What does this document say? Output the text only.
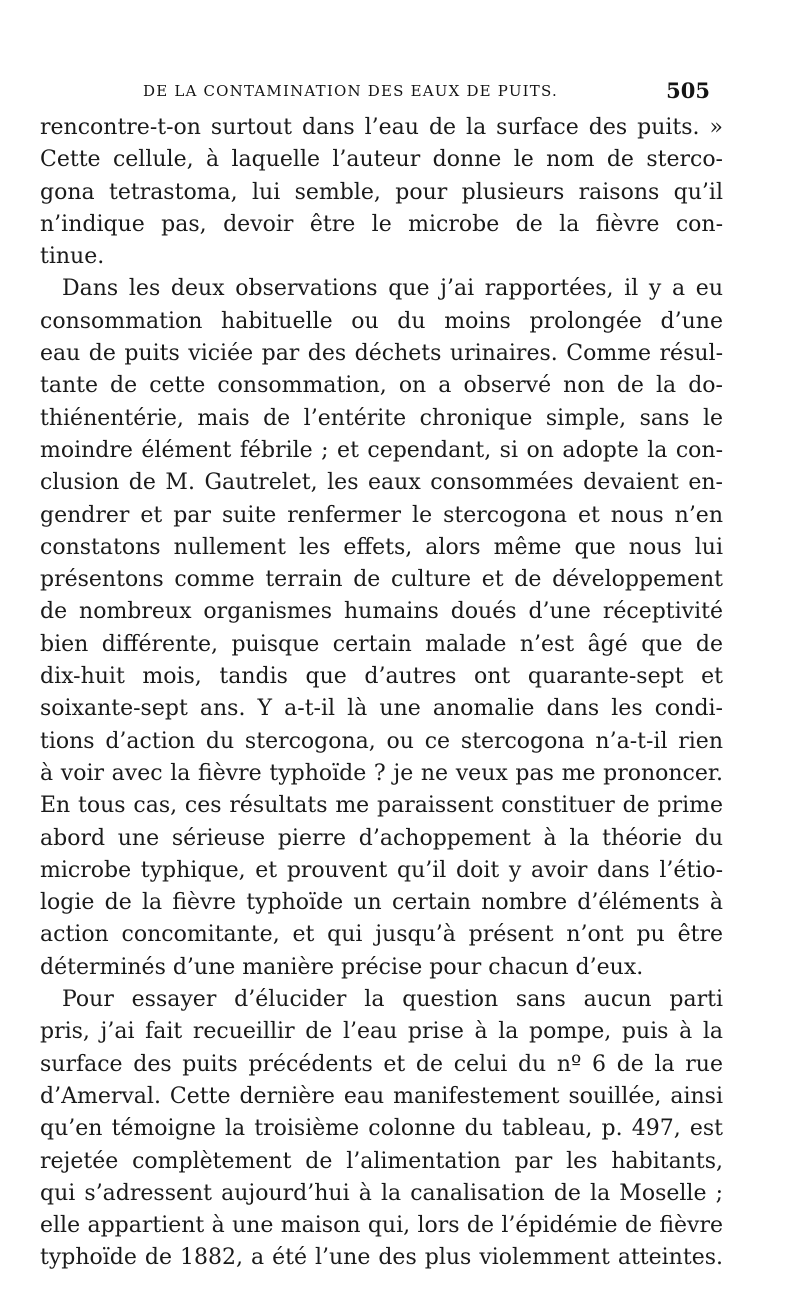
DE LA CONTAMINATION DES EAUX DE PUITS.	505
rencontre-t-on surtout dans l’eau de la surface des puits. »
Cette cellule, à laquelle l’auteur donne le nom de sterco-
gona tetrastoma, lui semble, pour plusieurs raisons qu’il
n’indique pas, devoir être le microbe de la fièvre con-
tinue.
Dans les deux observations que j’ai rapportées, il y a eu
consommation habituelle ou du moins prolongée d’une
eau de puits viciée par des déchets urinaires. Comme résul-
tante de cette consommation, on a observé non de la do-
thiénentérie, mais de l’entérite chronique simple, sans le
moindre élément fébrile ; et cependant, si on adopte la con-
clusion de M. Gautrelet, les eaux consommées devaient en-
gendrer et par suite renfermer le stercogona et nous n’en
constatons nullement les effets, alors même que nous lui
présentons comme terrain de culture et de développement
de nombreux organismes humains doués d’une réceptivité
bien différente, puisque certain malade n’est âgé que de
dix-huit mois, tandis que d’autres ont quarante-sept et
soixante-sept ans. Y a-t-il là une anomalie dans les condi-
tions d’action du stercogona, ou ce stercogona n’a-t-il rien
à voir avec la fièvre typhoïde ? je ne veux pas me prononcer.
En tous cas, ces résultats me paraissent constituer de prime
abord une sérieuse pierre d’achoppement à la théorie du
microbe typhique, et prouvent qu’il doit y avoir dans l’étio-
logie de la fièvre typhoïde un certain nombre d’éléments à
action concomitante, et qui jusqu’à présent n’ont pu être
déterminés d’une manière précise pour chacun d’eux.
Pour essayer d’élucider la question sans aucun parti
pris, j’ai fait recueillir de l’eau prise à la pompe, puis à la
surface des puits précédents et de celui du nº 6 de la rue
d’Amerval. Cette dernière eau manifestement souillée, ainsi
qu’en témoigne la troisième colonne du tableau, p. 497, est
rejetée complètement de l’alimentation par les habitants,
qui s’adressent aujourd’hui à la canalisation de la Moselle ;
elle appartient à une maison qui, lors de l’épidémie de fièvre
typhoïde de 1882, a été l’une des plus violemment atteintes.
